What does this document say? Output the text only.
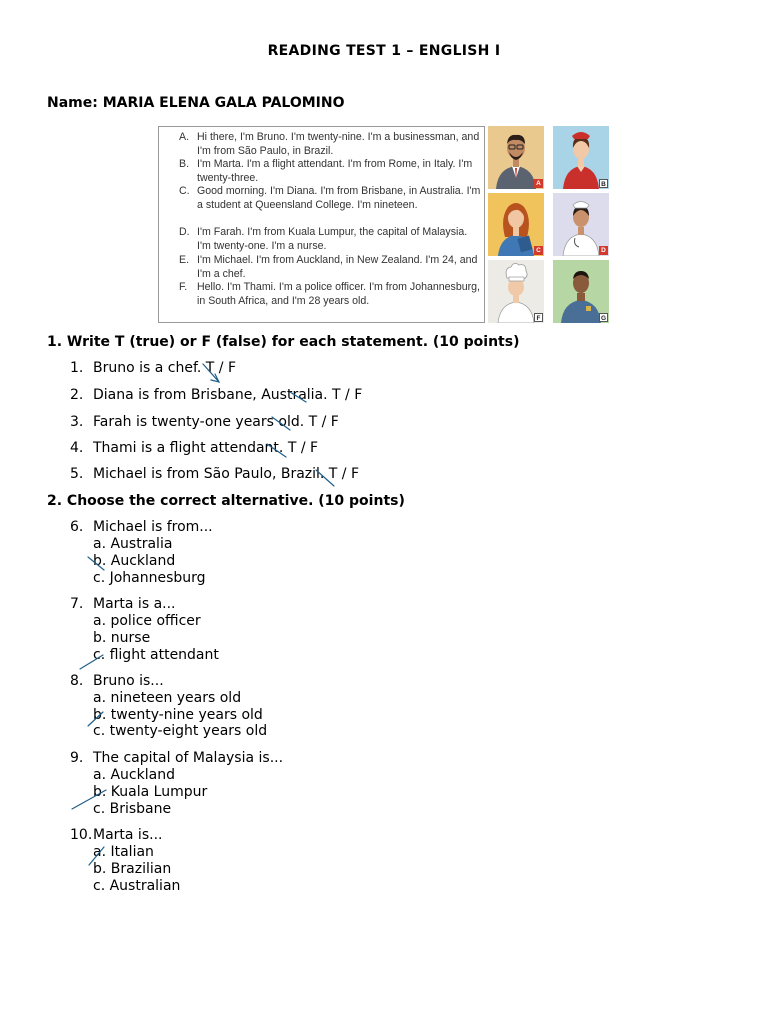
READING TEST 1 – ENGLISH I
Name: MARIA ELENA GALA PALOMINO
A. Hi there, I'm Bruno. I'm twenty-nine. I'm a businessman, and I'm from São Paulo, in Brazil.
B. I'm Marta. I'm a flight attendant. I'm from Rome, in Italy. I'm twenty-three.
C. Good morning. I'm Diana. I'm from Brisbane, in Australia. I'm a student at Queensland College. I'm nineteen.
D. I'm Farah. I'm from Kuala Lumpur, the capital of Malaysia. I'm twenty-one. I'm a nurse.
E. I'm Michael. I'm from Auckland, in New Zealand. I'm 24, and I'm a chef.
F. Hello. I'm Thami. I'm a police officer. I'm from Johannesburg, in South Africa, and I'm 28 years old.
A	B
C	D
F	G
1. Write T (true) or F (false) for each statement. (10 points)
1. Bruno is a chef. T / F
2. Diana is from Brisbane, Australia. T / F
3. Farah is twenty-one years old. T / F
4. Thami is a flight attendant. T / F
5. Michael is from São Paulo, Brazil. T / F
2. Choose the correct alternative. (10 points)
6. Michael is from...
a. Australia
b. Auckland
c. Johannesburg
7. Marta is a...
a. police officer
b. nurse
c. flight attendant
8. Bruno is...
a. nineteen years old
b. twenty-nine years old
c. twenty-eight years old
9. The capital of Malaysia is...
a. Auckland
b. Kuala Lumpur
c. Brisbane
10.Marta is...
a. Italian
b. Brazilian
c. Australian
